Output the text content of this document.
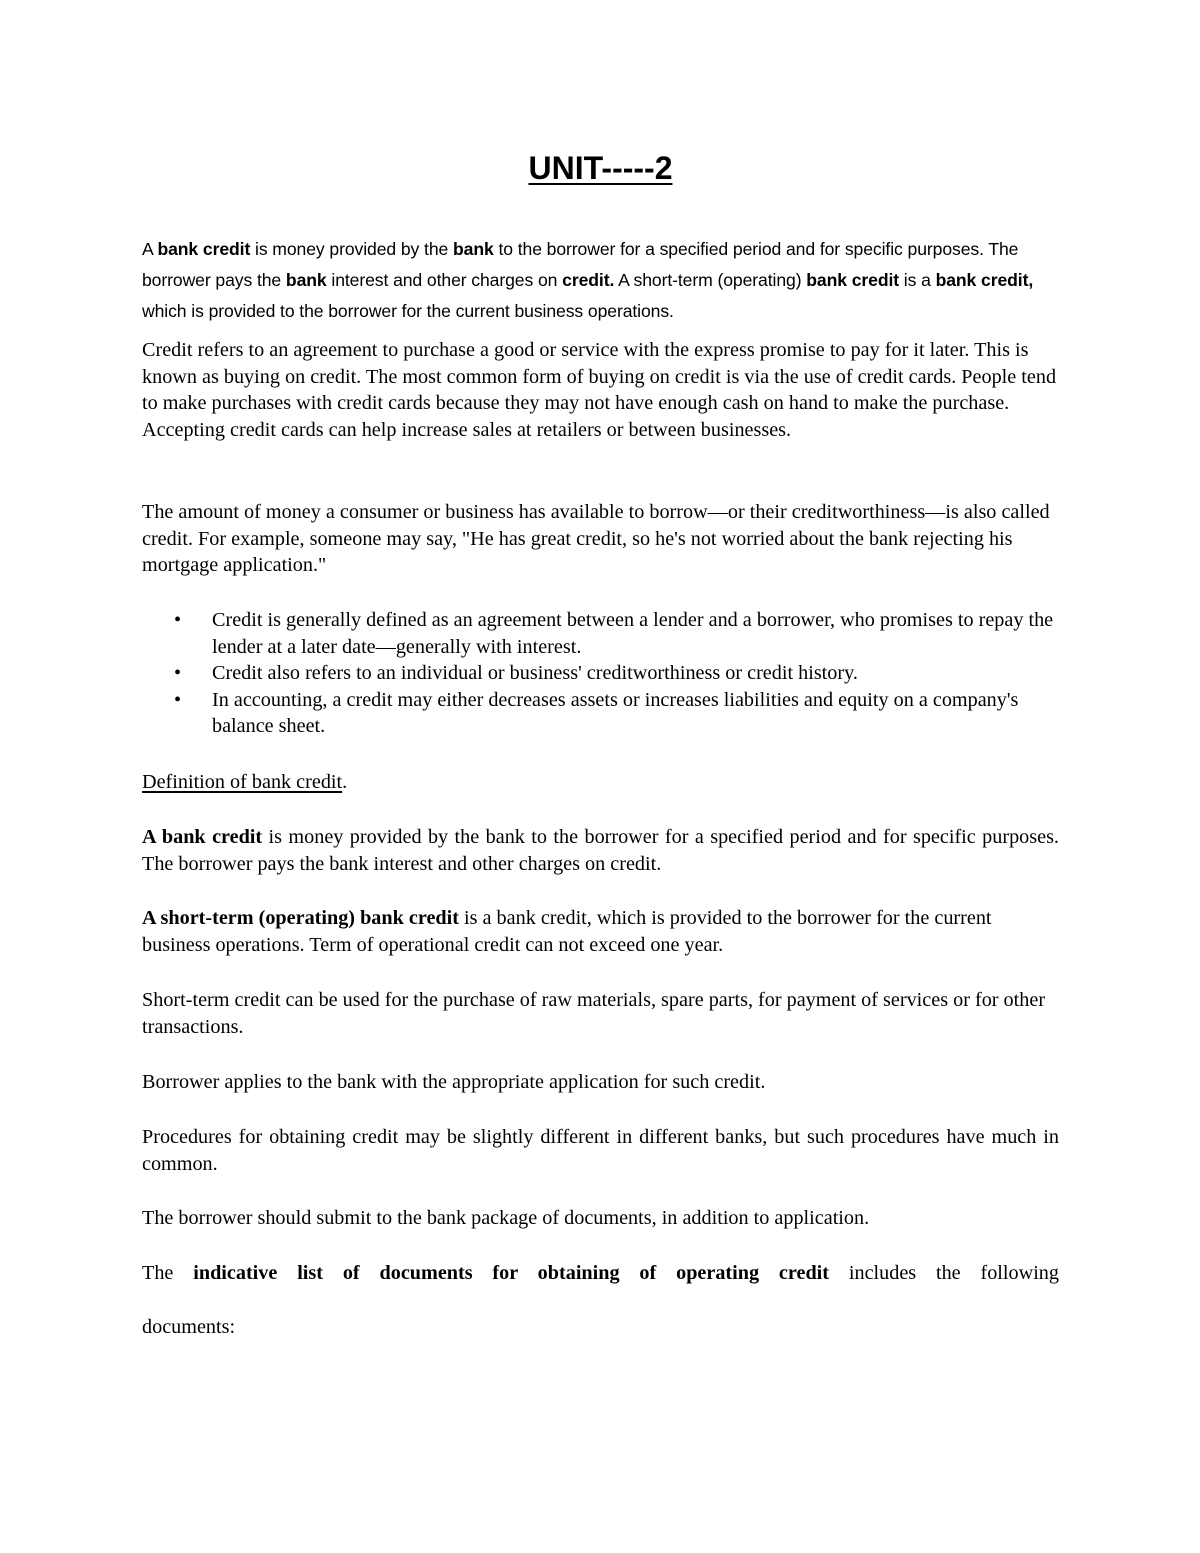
UNIT-----2

A bank credit is money provided by the bank to the borrower for a specified period and for specific purposes. The borrower pays the bank interest and other charges on credit. A short-term (operating) bank credit is a bank credit, which is provided to the borrower for the current business operations.

Credit refers to an agreement to purchase a good or service with the express promise to pay for it later. This is known as buying on credit. The most common form of buying on credit is via the use of credit cards. People tend to make purchases with credit cards because they may not have enough cash on hand to make the purchase. Accepting credit cards can help increase sales at retailers or between businesses.

The amount of money a consumer or business has available to borrow—or their creditworthiness—is also called credit. For example, someone may say, "He has great credit, so he's not worried about the bank rejecting his mortgage application."

• Credit is generally defined as an agreement between a lender and a borrower, who promises to repay the lender at a later date—generally with interest.
• Credit also refers to an individual or business' creditworthiness or credit history.
• In accounting, a credit may either decreases assets or increases liabilities and equity on a company's balance sheet.

Definition of bank credit.

A bank credit is money provided by the bank to the borrower for a specified period and for specific purposes. The borrower pays the bank interest and other charges on credit.

A short-term (operating) bank credit is a bank credit, which is provided to the borrower for the current business operations. Term of operational credit can not exceed one year.

Short-term credit can be used for the purchase of raw materials, spare parts, for payment of services or for other transactions.

Borrower applies to the bank with the appropriate application for such credit.

Procedures for obtaining credit may be slightly different in different banks, but such procedures have much in common.

The borrower should submit to the bank package of documents, in addition to application.

The indicative list of documents for obtaining of operating credit includes the following

documents:
